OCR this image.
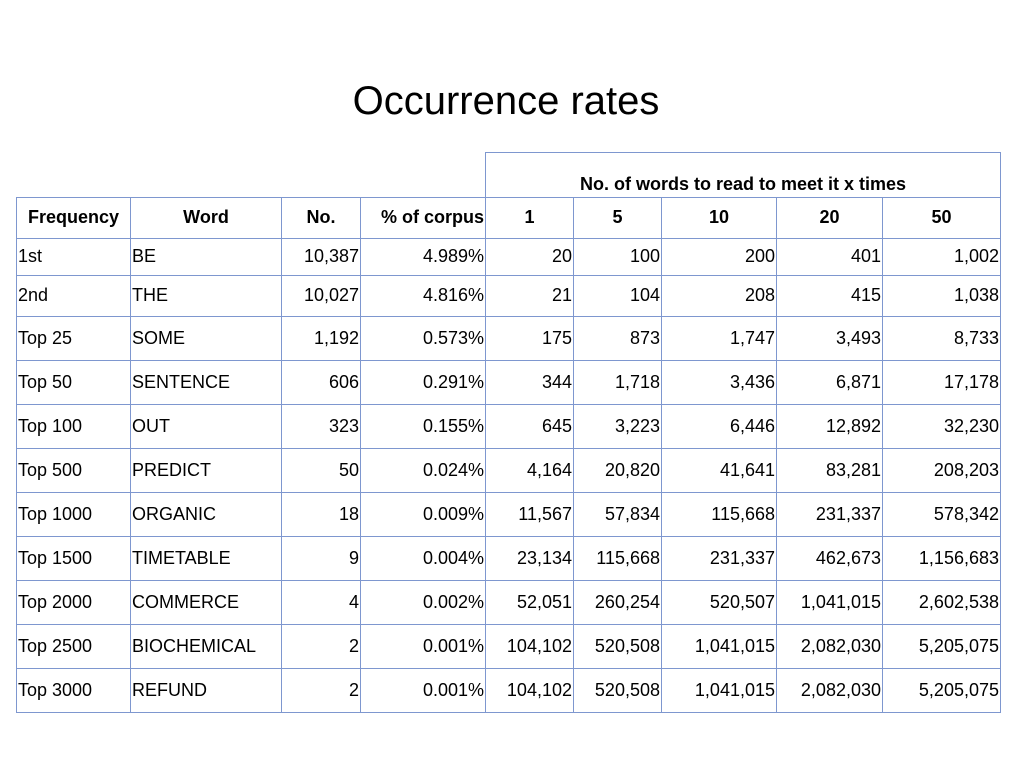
Occurrence rates
				No. of words to read to meet it x times				
Frequency	Word	No.	% of corpus	1	5	10	20	50
1st	BE	10,387	4.989%	20	100	200	401	1,002
2nd	THE	10,027	4.816%	21	104	208	415	1,038
Top 25	SOME	1,192	0.573%	175	873	1,747	3,493	8,733
Top 50	SENTENCE	606	0.291%	344	1,718	3,436	6,871	17,178
Top 100	OUT	323	0.155%	645	3,223	6,446	12,892	32,230
Top 500	PREDICT	50	0.024%	4,164	20,820	41,641	83,281	208,203
Top 1000	ORGANIC	18	0.009%	11,567	57,834	115,668	231,337	578,342
Top 1500	TIMETABLE	9	0.004%	23,134	115,668	231,337	462,673	1,156,683
Top 2000	COMMERCE	4	0.002%	52,051	260,254	520,507	1,041,015	2,602,538
Top 2500	BIOCHEMICAL	2	0.001%	104,102	520,508	1,041,015	2,082,030	5,205,075
Top 3000	REFUND	2	0.001%	104,102	520,508	1,041,015	2,082,030	5,205,075
